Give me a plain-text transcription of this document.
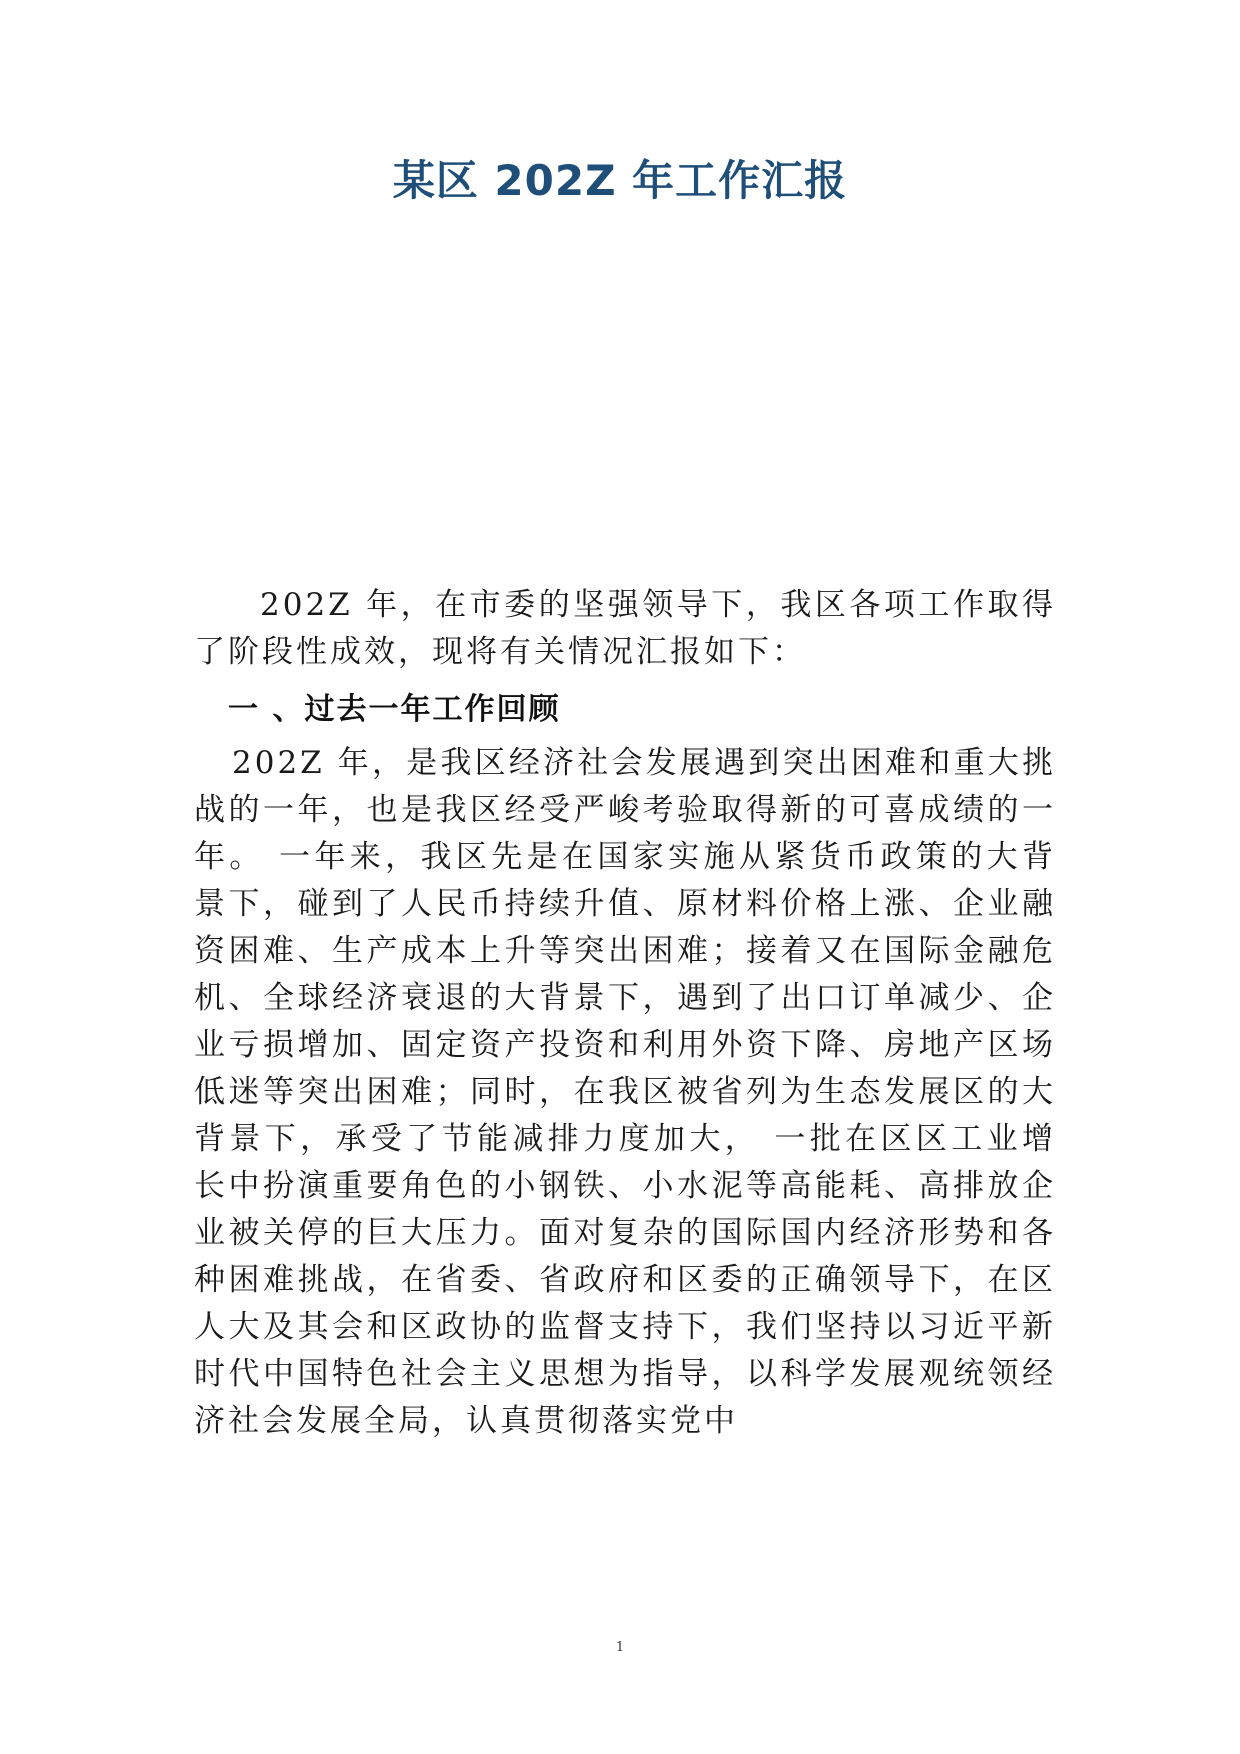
某区 202Z 年工作汇报

202Z 年，在市委的坚强领导下，我区各项工作取得了阶段性成效，现将有关情况汇报如下：

一 、过去一年工作回顾

202Z 年，是我区经济社会发展遇到突出困难和重大挑战的一年，也是我区经受严峻考验取得新的可喜成绩的一年。 一年来，我区先是在国家实施从紧货币政策的大背景下，碰到了人民币持续升值、原材料价格上涨、企业融资困难、生产成本上升等突出困难；接着又在国际金融危机、全球经济衰退的大背景下，遇到了出口订单减少、企业亏损增加、固定资产投资和利用外资下降、房地产区场低迷等突出困难；同时，在我区被省列为生态发展区的大背景下，承受了节能减排力度加大， 一批在区区工业增长中扮演重要角色的小钢铁、小水泥等高能耗、高排放企业被关停的巨大压力。面对复杂的国际国内经济形势和各种困难挑战，在省委、省政府和区委的正确领导下，在区人大及其会和区政协的监督支持下，我们坚持以习近平新时代中国特色社会主义思想为指导，以科学发展观统领经济社会发展全局，认真贯彻落实党中

1
